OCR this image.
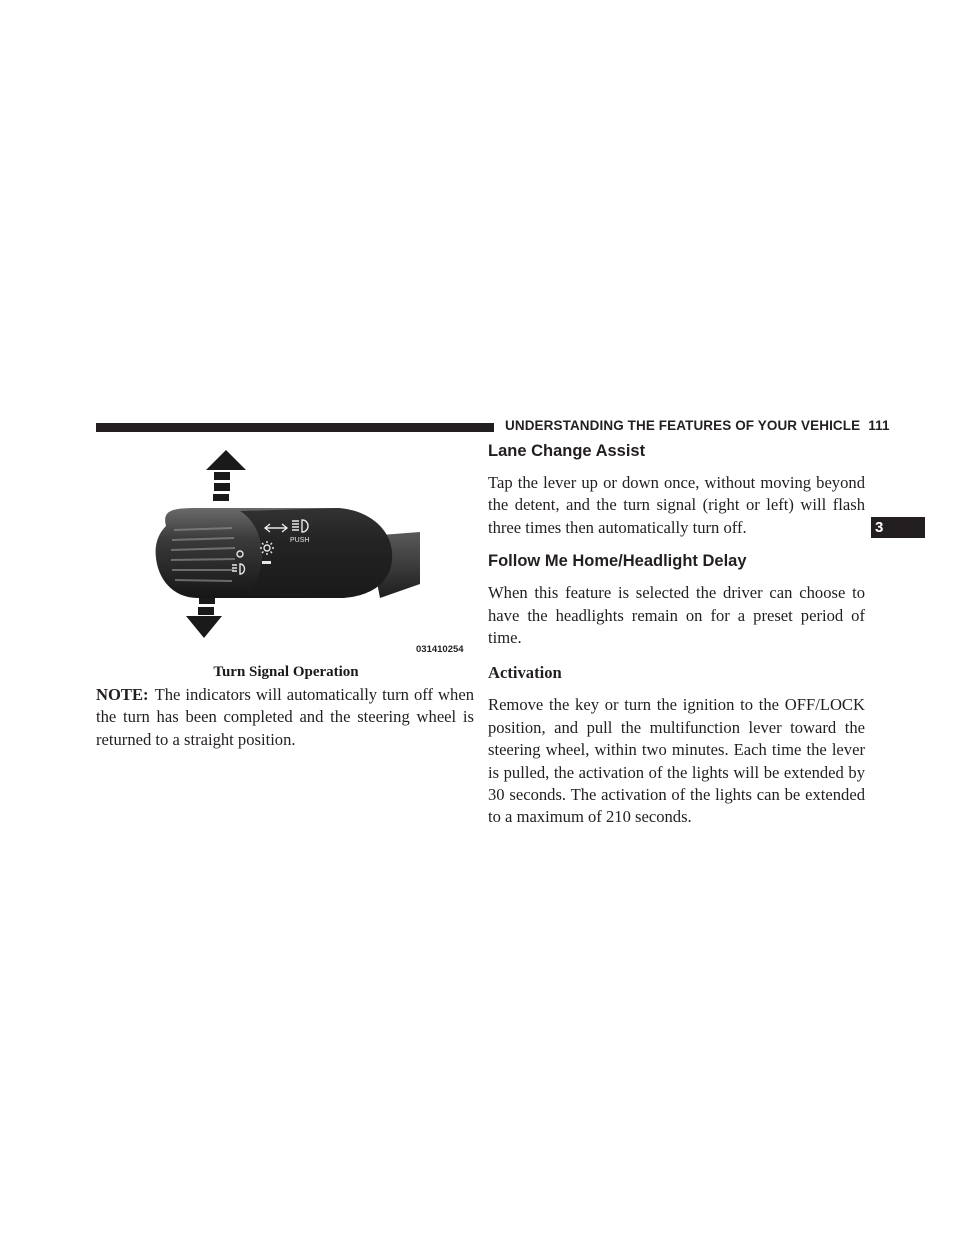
UNDERSTANDING THE FEATURES OF YOUR VEHICLE 111
3
PUSH
031410254
Turn Signal Operation

NOTE: The indicators will automatically turn off when the turn has been completed and the steering wheel is returned to a straight position.

Lane Change Assist

Tap the lever up or down once, without moving beyond the detent, and the turn signal (right or left) will flash three times then automatically turn off.

Follow Me Home/Headlight Delay

When this feature is selected the driver can choose to have the headlights remain on for a preset period of time.

Activation

Remove the key or turn the ignition to the OFF/LOCK position, and pull the multifunction lever toward the steering wheel, within two minutes. Each time the lever is pulled, the activation of the lights will be extended by 30 seconds. The activation of the lights can be extended to a maximum of 210 seconds.
